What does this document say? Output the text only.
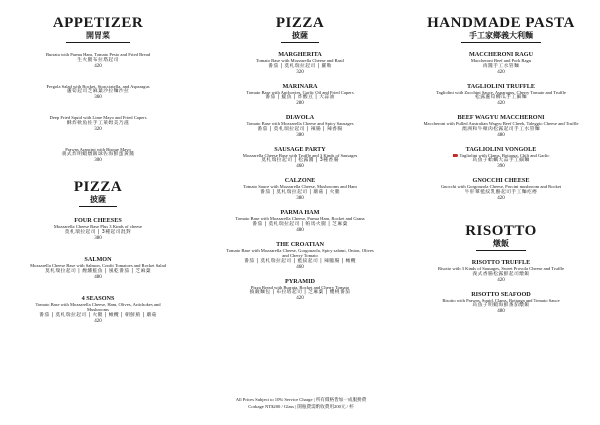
APPETIZER
開胃菜
Burrata with Parma Ham, Tomato Pesto and Fried Bread
生火腿布拉塔起司
420
Fregola Salad with Rocket, Stracciatella, and Asparagus
蘆筍起司芝麻葉沙拉麵沙拉
360
Deep Fried Squid with Lime Mayo and Fried Capers
酥炸軟魚佐手工萊姆美乃滋
320
Prawns Arancini with Bisque Mayo
義式炸明蝦燉飯球佐海鮮蛋黃醬
300
PIZZA
披薩
FOUR CHEESES
Mozzarella Cheese Base Plus 3 Kinds of cheese
莫札瑞拉起司 | 3種起司混對
380
SALMON
Mozzarella Cheese Base with Salmon, Confit Tomatoes and Rocket Salad
莫札瑞拉起司 | 煙燻鮭魚 | 風乾番茄 | 芝麻葉
480
4 SEASONS
Tomato Base with Mozzarella Cheese, Ham, Olives, Artichokes and Mushrooms
番茄 | 莫札瑞拉起司 | 火腿 | 橄欖 | 朝鮮薊 | 蘑菇
420
PIZZA
披薩
MARGHERITA
Tomato Base with Mozzarella Cheese and Basil
番茄 | 莫札瑞拉起司 | 羅勒
320
MARINARA
Tomato Base with Anchovies, Garlic Oil and Fried Capers
番茄 | 鯷魚 | 炸酸豆 | 大蒜油
280
DIAVOLA
Tomato Base with Mozzarella Cheese and Spicy Sausages
番茄 | 莫札瑞拉起司 | 辣腸 | 辣香腸
380
SAUSAGE PARTY
Mozzarella Cheese Base with Truffle and 3 Kinds of Sausages
莫札瑞拉起司 | 松露醬 | 3種香腸
460
CALZONE
Tomato Sauce with Mozzarella Cheese, Mushrooms and Ham
番茄 | 莫札瑞拉起司 | 蘑菇 | 火腿
380
PARMA HAM
Tomato Base with Mozzarella Cheese, Parma Ham, Rocket and Grana
番茄 | 莫札瑞拉起司 | 帕馬火腿 | 芝麻葉
480
THE CROATIAN
Tomato Base with Mozzarella Cheese, Gorgonzola, Spicy salami, Onion, Olives and Cherry Tomato
番茄 | 莫札瑞拉起司 | 藍紋起司 | 辣臘腸 | 橄欖
460
PYRAMID
Pizza Bread with Burrata, Rocket and Cherry Tomato
披薩麵包 | 布拉塔起司 | 芝麻葉 | 櫻桃番茄
420
All Prices Subject to 10% Service Charge | 所有價格皆加一成服務費
Corkage NT$200 / Glass | 開瓶費需酌收費用200元 / 杯
HANDMADE PASTA
手工家鄉義大利麵
MACCHERONI RAGU
Maccheroni Beef and Pork Ragu
肉醬手工水管麵
420
TAGLIOLINI TRUFFLE
Tagliolini with Zucchini Sauce, Asparagus, Cherry Tomato and Truffle
松露蘆筍櫛瓜手工細麵
420
BEEF WAGYU MACCHERONI
Maccheroni with Pulled Australian Wagyu Beef Cheek, Taleggio Cheese and Truffle
澳洲和牛頰肉松露起司手工水管麵
480
TAGLIOLINI VONGOLE
Tagliolini with Clams, Bottarga, Chili and Garlic
烏魚子蛤蠣大蒜手工細麵
390
GNOCCHI CHEESE
Gnocchi with Gorgonzola Cheese, Porcini mushroom and Rocket
牛肝蕈藍紋乳酪起司手工麵疙瘩
420
RISOTTO
燉飯
RISOTTO TRUFFLE
Risotto with 3 Kinds of Sausages, Sweet Provola Cheese and Truffle
義式香腸松露鮮起司燉飯
420
RISOTTO SEAFOOD
Risotto with Prawns, Squid, Clams, Bottarga and Tomato Sauce
烏魚子明蝦海鮮番茄燉飯
480
